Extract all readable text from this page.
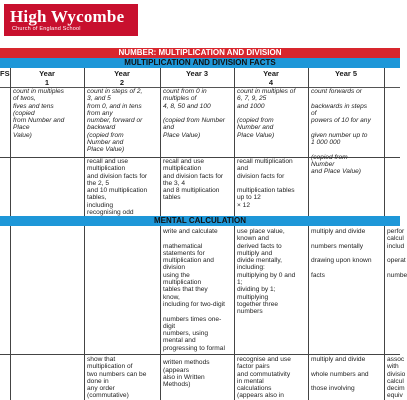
High Wycombe
Church of England School
NUMBER: MULTIPLICATION AND DIVISION
MULTIPLICATION AND DIVISION FACTS
FS	Year
1
Year
2
Year 3	Year
4
Year 5
count in multiples
of twos,
fives and tens
(copied
from Number and
Place
Value)
count in steps of 2,
3, and 5
from 0, and in tens
from any
number, forward or
backward
(copied from
Number and
Place Value)
count from 0 in
multiples of
4, 8, 50 and 100

(copied from Number
and
Place Value)
count in multiples of
6, 7, 9, 25
and 1000

(copied from
Number and
Place Value)
count forwards or

backwards in steps
of
powers of 10 for any

given number up to
1 000 000

(copied from
Number
and Place Value)
recall and use
multiplication
and division facts for
the 2, 5
and 10 multiplication
tables,
including
recognising odd

recall and use
multiplication
and division facts for
the 3, 4
and 8 multiplication
tables
recall multiplication
and
division facts for

multiplication tables
up to 12
× 12
MENTAL CALCULATION
write and calculate

mathematical
statements for
multiplication and
division
using the
multiplication
tables that they
know,
including for two-digit

numbers times one-
digit
numbers, using
mental and
progressing to formal

written methods
(appears
also in Written
Methods)
use place value,
known and
derived facts to
multiply and
divide mentally,
including:
multiplying by 0 and
1;
dividing by 1;
multiplying
together three
numbers
multiply and divide

numbers mentally

drawing upon known

facts
perfor
calcul
includ

operat

numbe
show that
multiplication of
two numbers can be
done in
any order
(commutative)
recognise and use
factor pairs
and commutativity
in mental
calculations
(appears also in
multiply and divide

whole numbers and

those involving
assoc
with
divisio
calcul
decim
equiv
